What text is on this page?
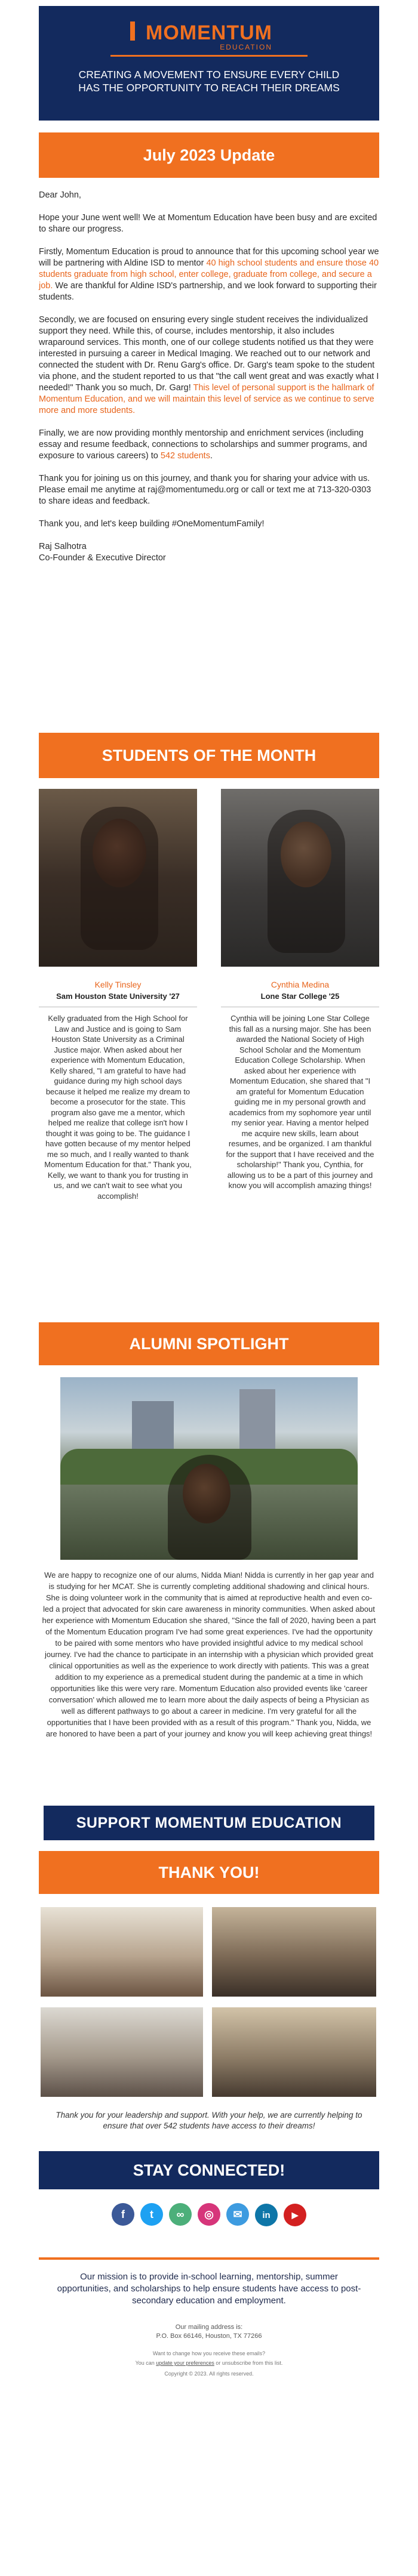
MOMENTUM
EDUCATION
CREATING A MOVEMENT TO ENSURE EVERY CHILD HAS THE OPPORTUNITY TO REACH THEIR DREAMS
July 2023 Update

Dear John,

Hope your June went well! We at Momentum Education have been busy and are excited to share our progress.

Firstly, Momentum Education is proud to announce that for this upcoming school year we will be partnering with Aldine ISD to mentor 40 high school students and ensure those 40 students graduate from high school, enter college, graduate from college, and secure a job. We are thankful for Aldine ISD's partnership, and we look forward to supporting their students.

Secondly, we are focused on ensuring every single student receives the individualized support they need. While this, of course, includes mentorship, it also includes wraparound services. This month, one of our college students notified us that they were interested in pursuing a career in Medical Imaging. We reached out to our network and connected the student with Dr. Renu Garg's office. Dr. Garg's team spoke to the student via phone, and the student reported to us that "the call went great and was exactly what I needed!" Thank you so much, Dr. Garg! This level of personal support is the hallmark of Momentum Education, and we will maintain this level of service as we continue to serve more and more students.

Finally, we are now providing monthly mentorship and enrichment services (including essay and resume feedback, connections to scholarships and summer programs, and exposure to various careers) to 542 students.

Thank you for joining us on this journey, and thank you for sharing your advice with us. Please email me anytime at raj@momentumedu.org or call or text me at 713-320-0303 to share ideas and feedback.

Thank you, and let's keep building #OneMomentumFamily!

Raj Salhotra

Co-Founder & Executive Director

STUDENTS OF THE MONTH
Kelly Tinsley
Sam Houston State University '27
Kelly graduated from the High School for Law and Justice and is going to Sam Houston State University as a Criminal Justice major. When asked about her experience with Momentum Education, Kelly shared, "I am grateful to have had guidance during my high school days because it helped me realize my dream to become a prosecutor for the state. This program also gave me a mentor, which helped me realize that college isn't how I thought it was going to be. The guidance I have gotten because of my mentor helped me so much, and I really wanted to thank Momentum Education for that." Thank you, Kelly, we want to thank you for trusting in us, and we can't wait to see what you accomplish!
Cynthia Medina
Lone Star College '25
Cynthia will be joining Lone Star College this fall as a nursing major. She has been awarded the National Society of High School Scholar and the Momentum Education College Scholarship. When asked about her experience with Momentum Education, she shared that "I am grateful for Momentum Education guiding me in my personal growth and academics from my sophomore year until my senior year. Having a mentor helped me acquire new skills, learn about resumes, and be organized. I am thankful for the support that I have received and the scholarship!" Thank you, Cynthia, for allowing us to be a part of this journey and know you will accomplish amazing things!
ALUMNI SPOTLIGHT
We are happy to recognize one of our alums, Nidda Mian! Nidda is currently in her gap year and is studying for her MCAT. She is currently completing additional shadowing and clinical hours. She is doing volunteer work in the community that is aimed at reproductive health and even co-led a project that advocated for skin care awareness in minority communities. When asked about her experience with Momentum Education she shared, "Since the fall of 2020, having been a part of the Momentum Education program I've had some great experiences. I've had the opportunity to be paired with some mentors who have provided insightful advice to my medical school journey. I've had the chance to participate in an internship with a physician which provided great clinical opportunities as well as the experience to work directly with patients. This was a great addition to my experience as a premedical student during the pandemic at a time in which opportunities like this were very rare. Momentum Education also provided events like 'career conversation' which allowed me to learn more about the daily aspects of being a Physician as well as different pathways to go about a career in medicine. I'm very grateful for all the opportunities that I have been provided with as a result of this program." Thank you, Nidda, we are honored to have been a part of your journey and know you will keep achieving great things!
SUPPORT MOMENTUM EDUCATION
THANK YOU!
Thank you for your leadership and support. With your help, we are currently helping to ensure that over 542 students have access to their dreams!
STAY CONNECTED!
f t ∞ ◎ ✉ in	▶
Our mission is to provide in-school learning, mentorship, summer opportunities, and scholarships to help ensure students have access to post-secondary education and employment.
Our mailing address is:
P.O. Box 66146, Houston, TX 77266
Want to change how you receive these emails?
You can update your preferences or unsubscribe from this list.
Copyright © 2023. All rights reserved.
